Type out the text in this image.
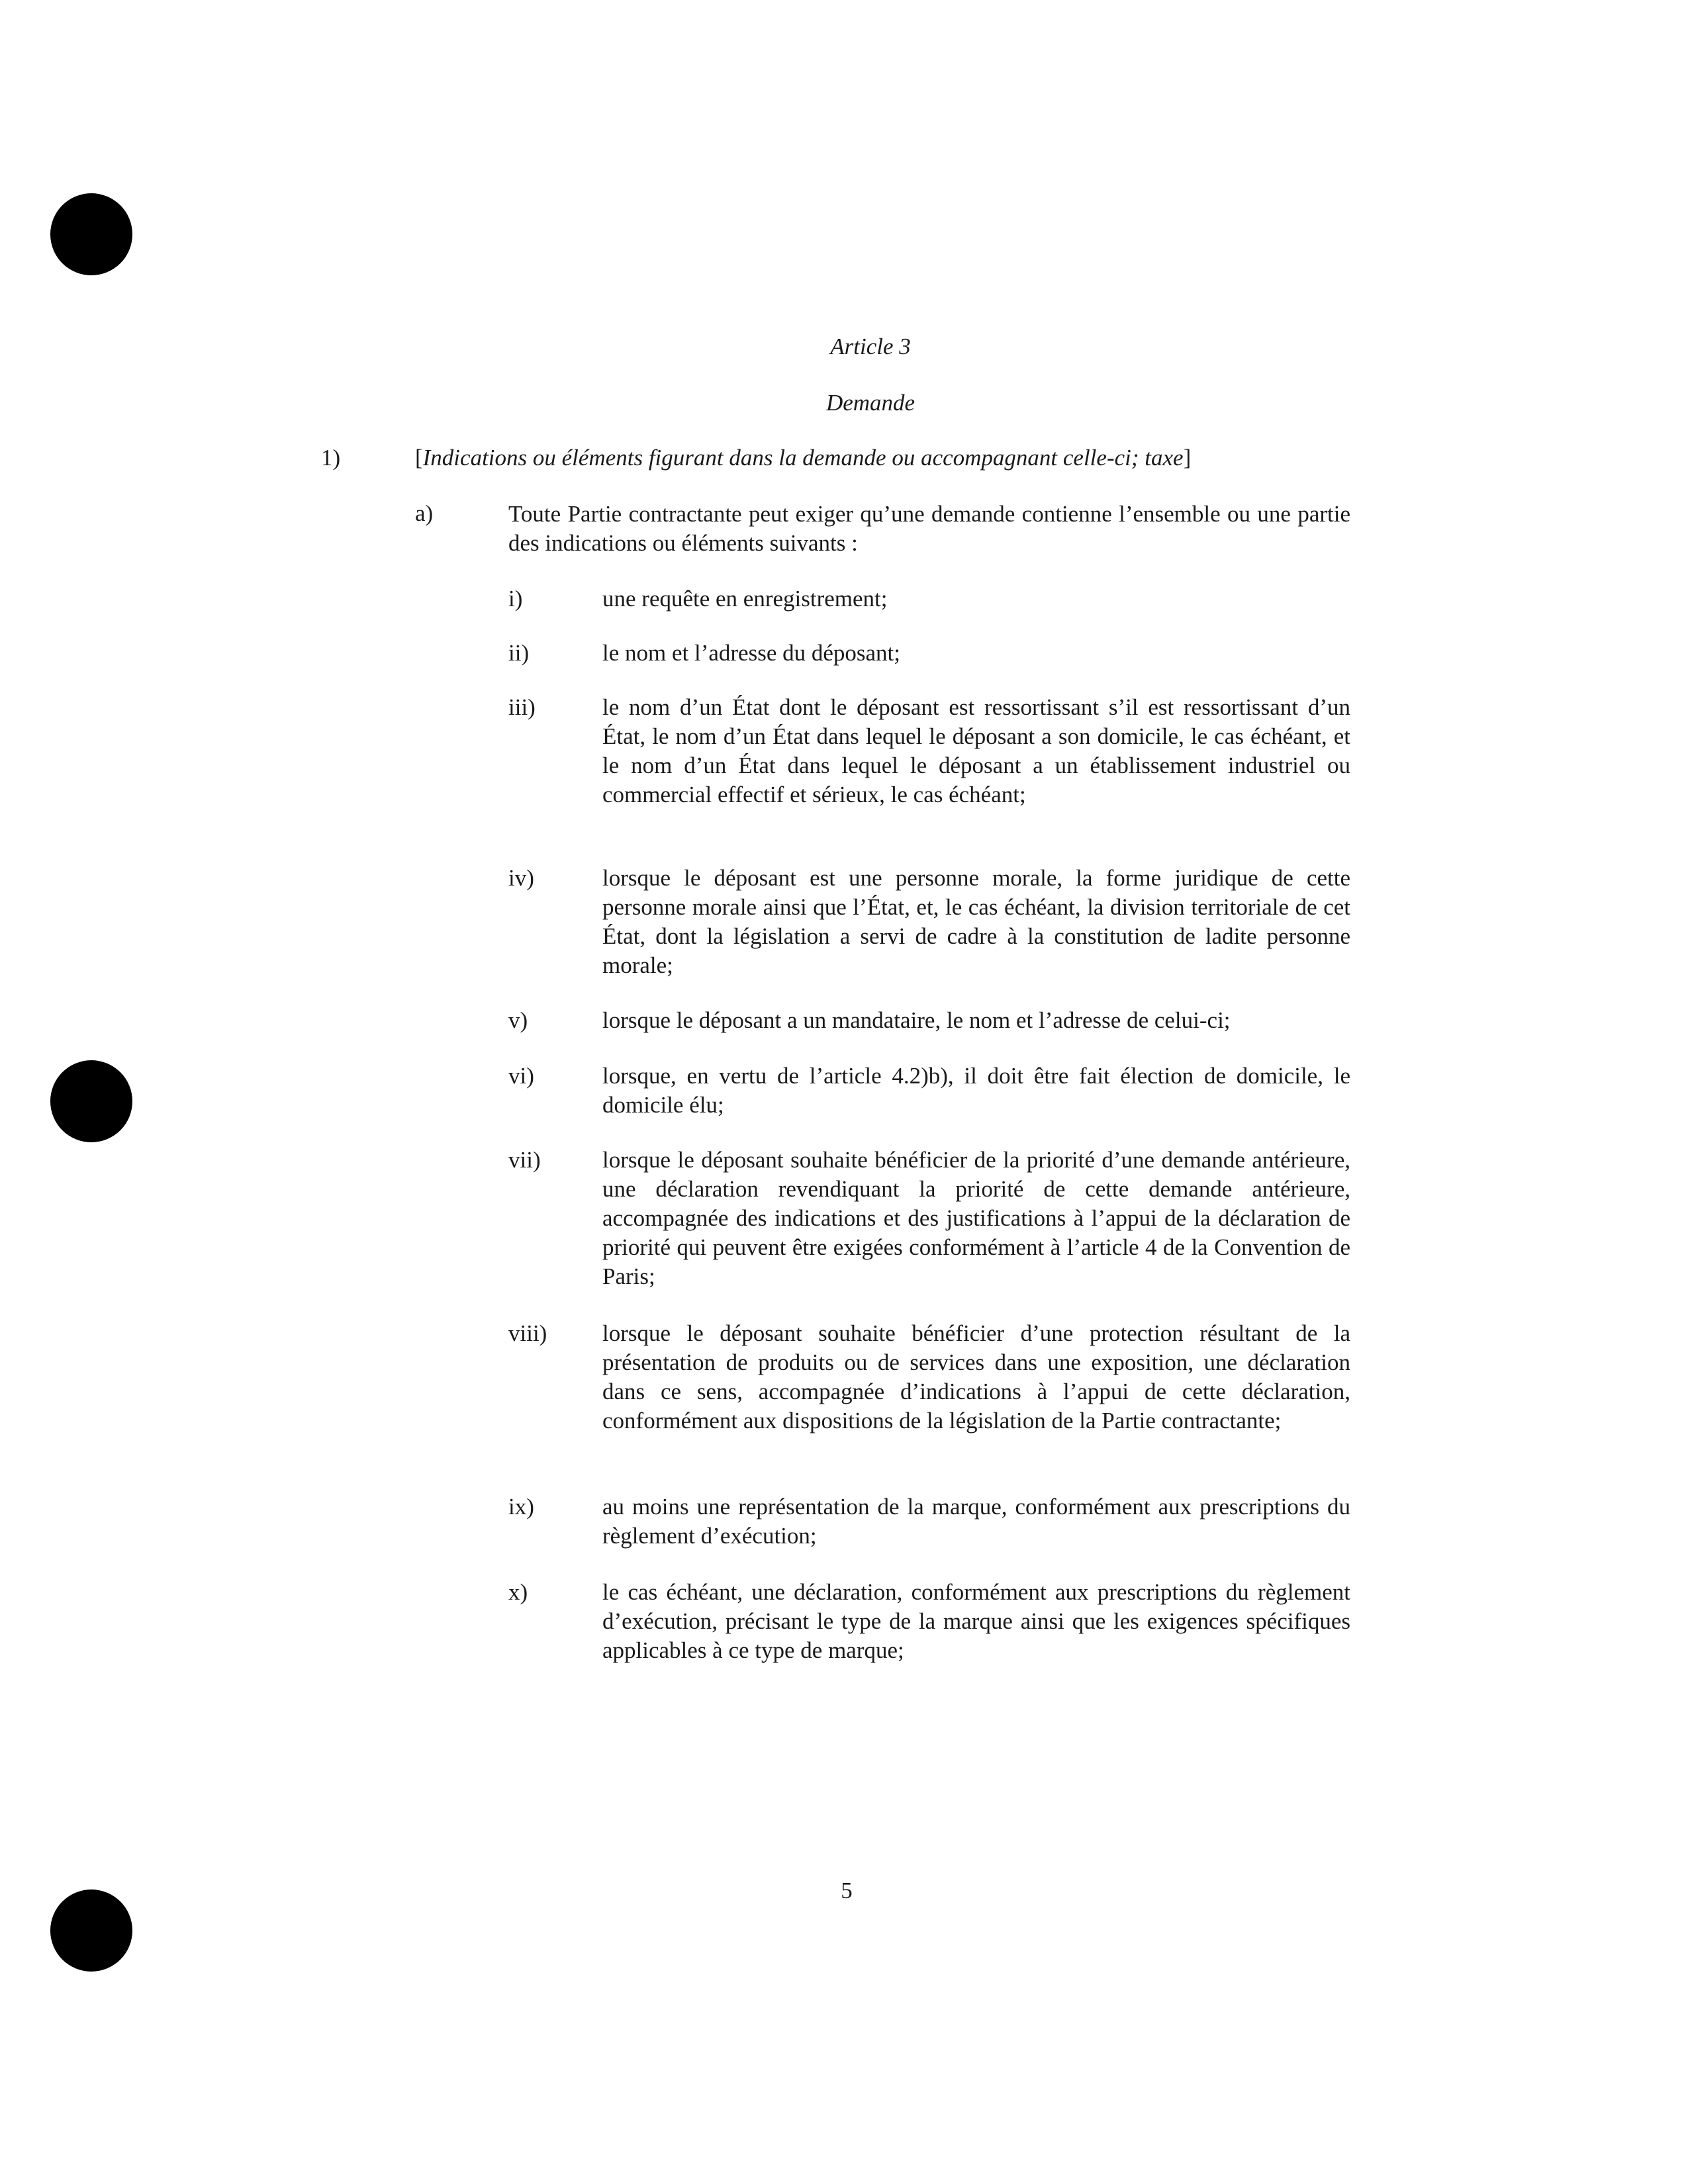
Article 3
Demande
1)	[Indications ou éléments figurant dans la demande ou accompagnant celle-ci; taxe]
a)	Toute Partie contractante peut exiger qu’une demande contienne l’ensemble ou une partie des indications ou éléments suivants :
i)	une requête en enregistrement;
ii)	le nom et l’adresse du déposant;
iii)	le nom d’un État dont le déposant est ressortissant s’il est ressortissant d’un État, le nom d’un État dans lequel le déposant a son domicile, le cas échéant, et le nom d’un État dans lequel le déposant a un établissement industriel ou commercial effectif et sérieux, le cas échéant;
iv)	lorsque le déposant est une personne morale, la forme juridique de cette personne morale ainsi que l’État, et, le cas échéant, la division territoriale de cet État, dont la législation a servi de cadre à la constitution de ladite personne morale;
v)	lorsque le déposant a un mandataire, le nom et l’adresse de celui-ci;
vi)	lorsque, en vertu de l’article 4.2)b), il doit être fait élection de domicile, le domicile élu;
vii)	lorsque le déposant souhaite bénéficier de la priorité d’une demande antérieure, une déclaration revendiquant la priorité de cette demande antérieure, accompagnée des indications et des justifications à l’appui de la déclaration de priorité qui peuvent être exigées conformément à l’article 4 de la Convention de Paris;
viii) lorsque le déposant souhaite bénéficier d’une protection résultant de la présentation de produits ou de services dans une exposition, une déclaration dans ce sens, accompagnée d’indications à l’appui de cette déclaration, conformément aux dispositions de la législation de la Partie contractante;
ix)	au moins une représentation de la marque, conformément aux prescriptions du règlement d’exécution;
x)	le cas échéant, une déclaration, conformément aux prescriptions du règlement d’exécution, précisant le type de la marque ainsi que les exigences spécifiques applicables à ce type de marque;
5
